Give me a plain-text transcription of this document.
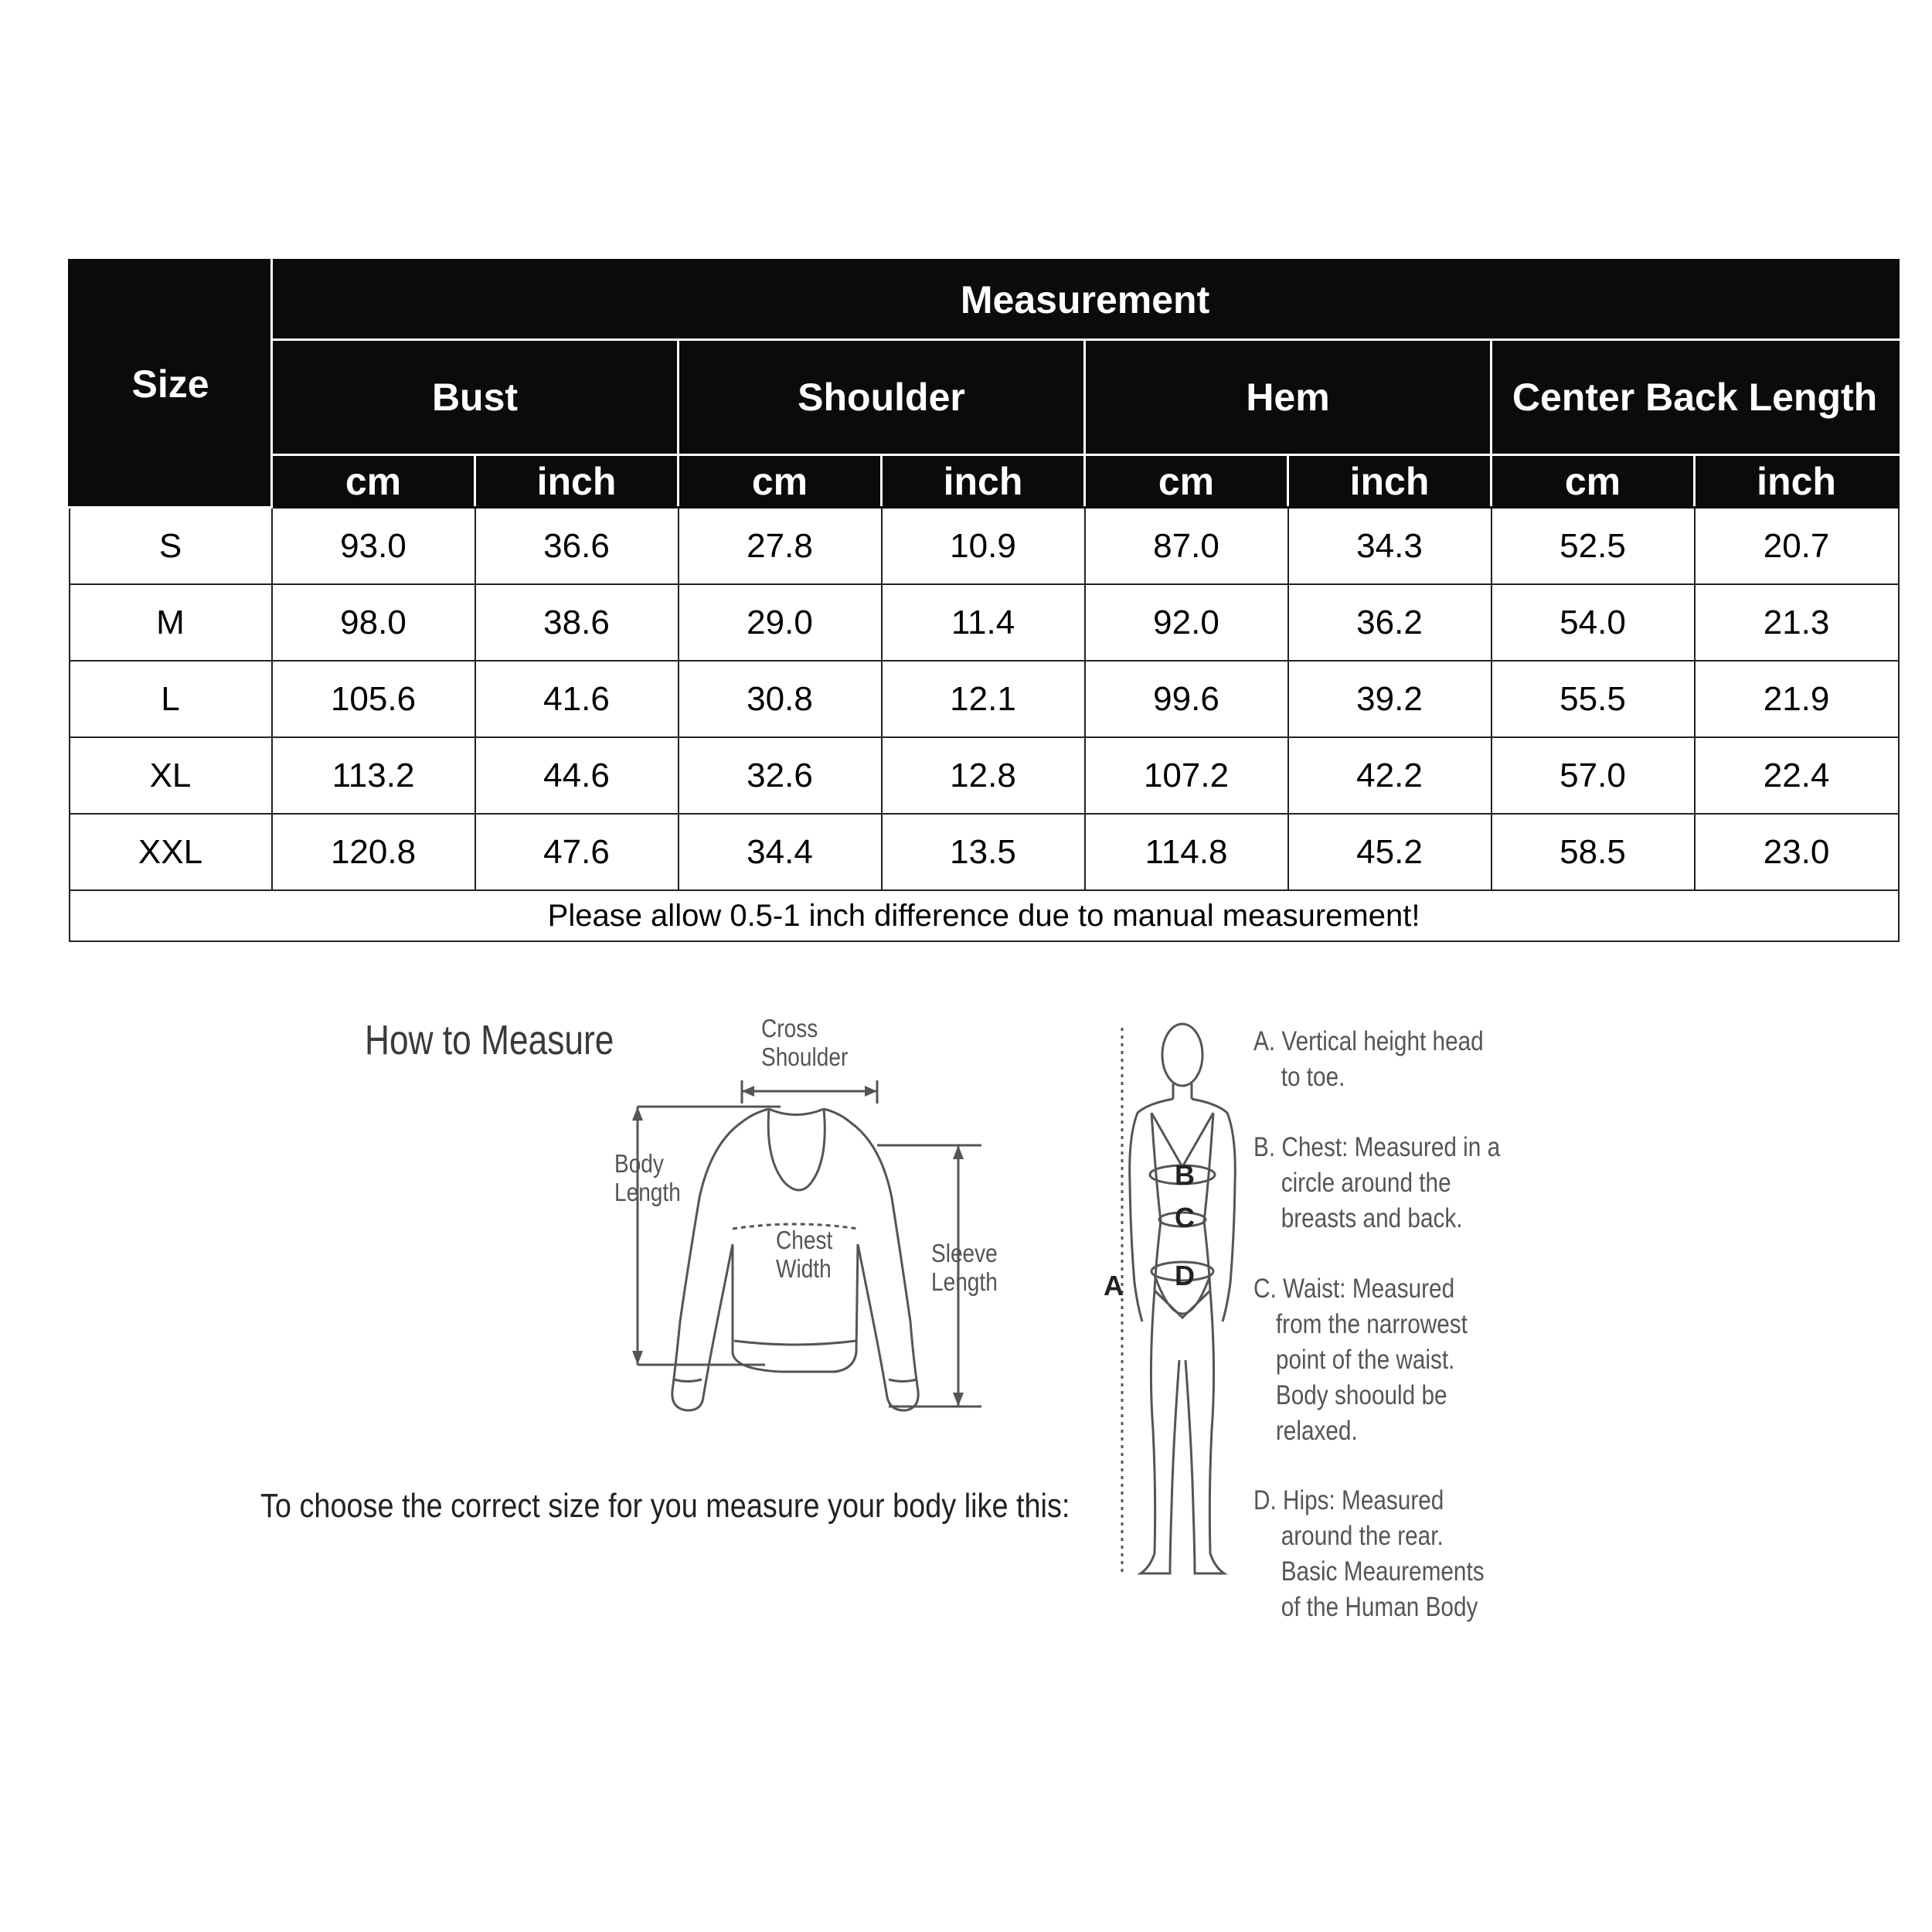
Size	Measurement							
	Bust		Shoulder		Hem		Center Back Length	
	cm	inch	cm	inch	cm	inch	cm	inch
S	93.0	36.6	27.8	10.9	87.0	34.3	52.5	20.7
M	98.0	38.6	29.0	11.4	92.0	36.2	54.0	21.3
L	105.6	41.6	30.8	12.1	99.6	39.2	55.5	21.9
XL	113.2	44.6	32.6	12.8	107.2	42.2	57.0	22.4
XXL	120.8	47.6	34.4	13.5	114.8	45.2	58.5	23.0
Please allow 0.5-1 inch difference due to manual measurement!								
How to Measure
To choose the correct size for you measure your body like this:
Cross
Shoulder
Body
Length
Chest
Width
Sleeve
Length	A
B
C
D
A. Vertical height head
to toe.
B. Chest: Measured in a
circle around the
breasts and back.
C. Waist: Measured
from the narrowest
point of the waist.
Body shoould be
relaxed.
D. Hips: Measured
around the rear.
Basic Meaurements
of the Human Body
